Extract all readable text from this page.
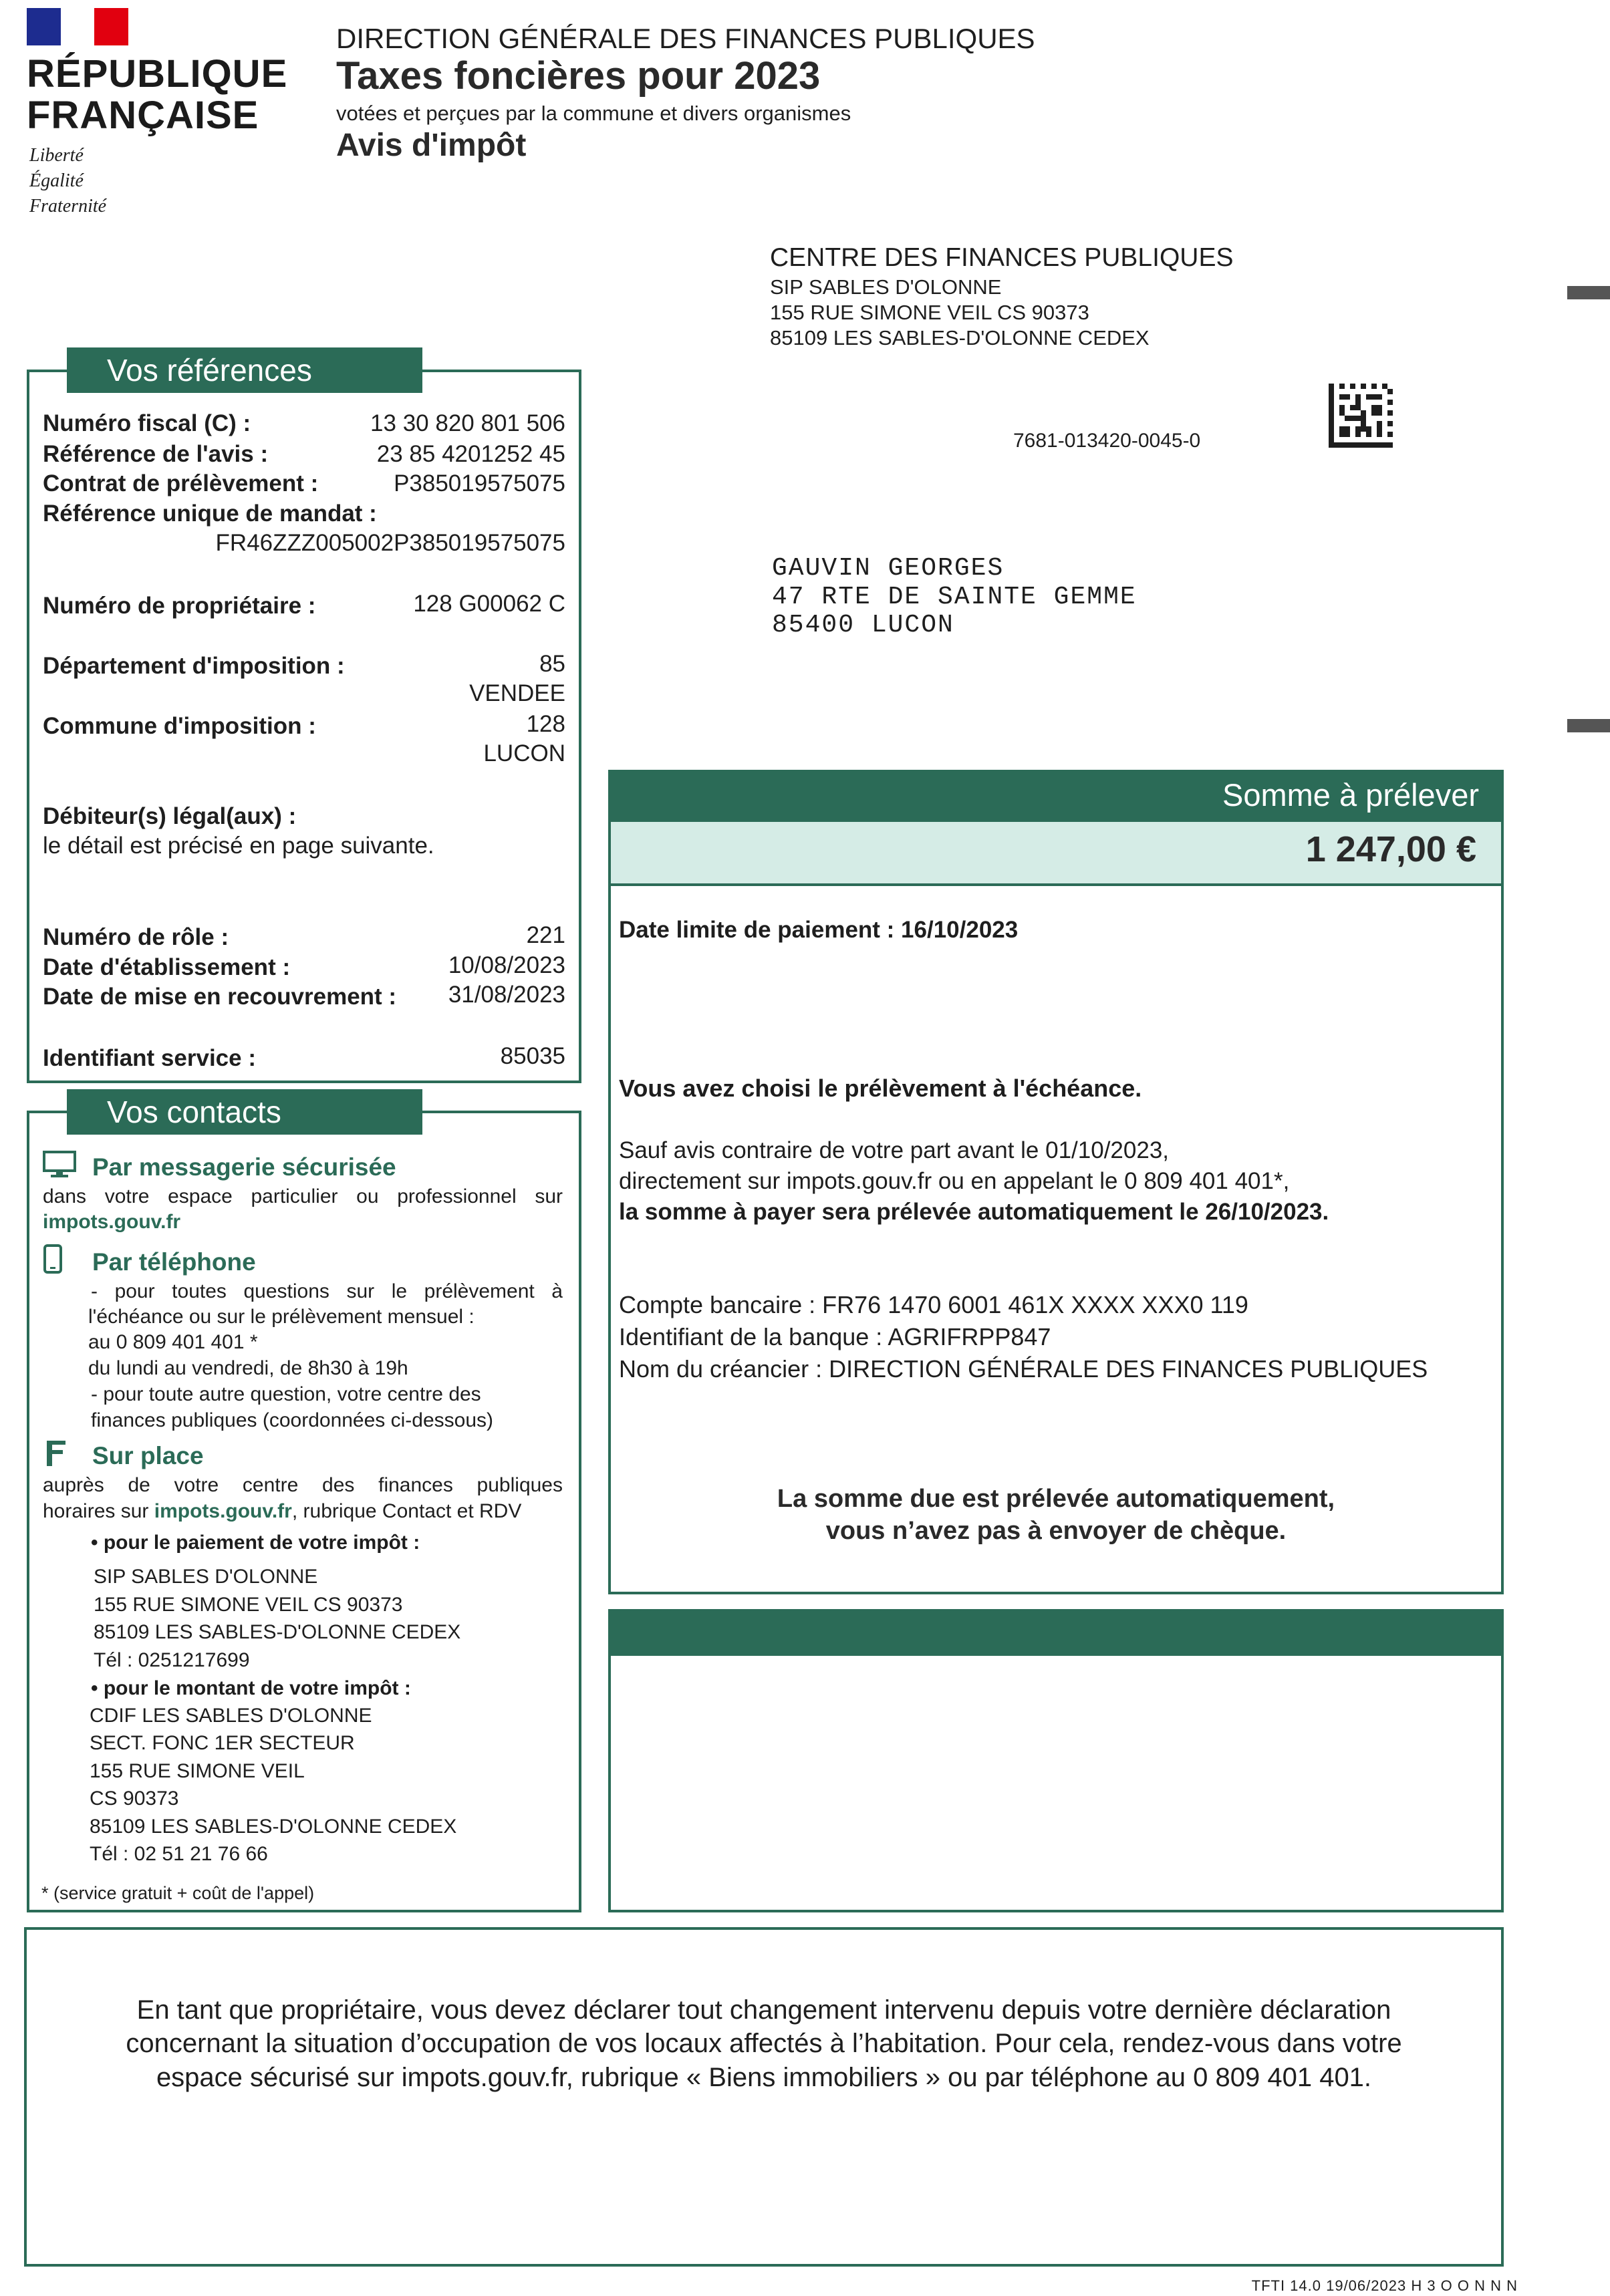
RÉPUBLIQUE
FRANÇAISE
Liberté
Égalité
Fraternité
DIRECTION GÉNÉRALE DES FINANCES PUBLIQUES
Taxes foncières pour 2023
votées et perçues par la commune et divers organismes
Avis d'impôt
CENTRE DES FINANCES PUBLIQUES
SIP SABLES D'OLONNE
155 RUE SIMONE VEIL CS 90373
85109 LES SABLES-D'OLONNE CEDEX
7681-013420-0045-0
GAUVIN GEORGES
47 RTE DE SAINTE GEMME
85400 LUCON
Vos références
Numéro fiscal (C) :	13 30 820 801 506
Référence de l'avis :	23 85 4201252 45
Contrat de prélèvement :	P385019575075
Référence unique de mandat :
FR46ZZZ005002P385019575075
Numéro de propriétaire :	128 G00062 C
Département d'imposition :	85
VENDEE
Commune d'imposition :	128
LUCON
Débiteur(s) légal(aux) :
le détail est précisé en page suivante.
Numéro de rôle :	221
Date d'établissement :	10/08/2023
Date de mise en recouvrement : 31/08/2023
Identifiant service :	85035
Vos contacts
Par messagerie sécurisée
dans votre espace particulier ou professionnel sur
impots.gouv.fr
Par téléphone
- pour toutes questions sur le prélèvement à
l'échéance ou sur le prélèvement mensuel :
au 0 809 401 401 *
du lundi au vendredi, de 8h30 à 19h
- pour toute autre question, votre centre des
finances publiques (coordonnées ci-dessous)
Sur place
auprès de votre centre des finances publiques
horaires sur impots.gouv.fr, rubrique Contact et RDV
• pour le paiement de votre impôt :
SIP SABLES D'OLONNE
155 RUE SIMONE VEIL CS 90373
85109 LES SABLES-D'OLONNE CEDEX
Tél : 0251217699
• pour le montant de votre impôt :
CDIF LES SABLES D'OLONNE
SECT. FONC 1ER SECTEUR
155 RUE SIMONE VEIL
CS 90373
85109 LES SABLES-D'OLONNE CEDEX
Tél : 02 51 21 76 66
* (service gratuit + coût de l'appel)
Somme à prélever
1 247,00 €
Date limite de paiement : 16/10/2023
Vous avez choisi le prélèvement à l'échéance.
Sauf avis contraire de votre part avant le 01/10/2023,
directement sur impots.gouv.fr ou en appelant le 0 809 401 401*,
la somme à payer sera prélevée automatiquement le 26/10/2023.
Compte bancaire : FR76 1470 6001 461X XXXX XXX0 119
Identifiant de la banque : AGRIFRPP847
Nom du créancier : DIRECTION GÉNÉRALE DES FINANCES PUBLIQUES
La somme due est prélevée automatiquement,
vous n’avez pas à envoyer de chèque.
En tant que propriétaire, vous devez déclarer tout changement intervenu depuis votre dernière déclaration
concernant la situation d’occupation de vos locaux affectés à l’habitation. Pour cela, rendez-vous dans votre
espace sécurisé sur impots.gouv.fr, rubrique « Biens immobiliers » ou par téléphone au 0 809 401 401.
TFTI 14.0 19/06/2023 H 3 O O N N N
